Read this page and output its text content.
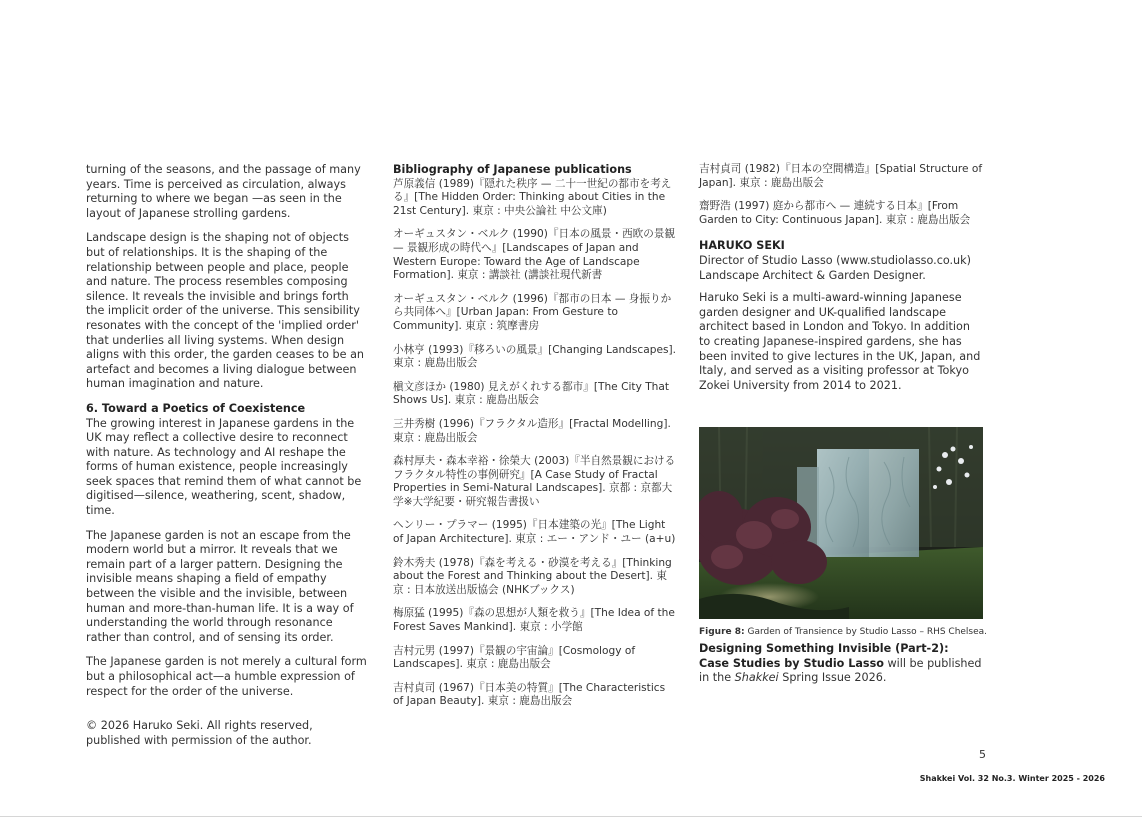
turning of the seasons, and the passage of many years. Time is perceived as circulation, always returning to where we began —as seen in the layout of Japanese strolling gardens.

Landscape design is the shaping not of objects but of relationships. It is the shaping of the relationship between people and place, people and nature. The process resembles composing silence. It reveals the invisible and brings forth the implicit order of the universe. This sensibility resonates with the concept of the 'implied order' that underlies all living systems. When design aligns with this order, the garden ceases to be an artefact and becomes a living dialogue between human imagination and nature.

6. Toward a Poetics of Coexistence

The growing interest in Japanese gardens in the UK may reflect a collective desire to reconnect with nature. As technology and AI reshape the forms of human existence, people increasingly seek spaces that remind them of what cannot be digitised—silence, weathering, scent, shadow, time.

The Japanese garden is not an escape from the modern world but a mirror. It reveals that we remain part of a larger pattern. Designing the invisible means shaping a field of empathy between the visible and the invisible, between human and more-than-human life. It is a way of understanding the world through resonance rather than control, and of sensing its order.

The Japanese garden is not merely a cultural form but a philosophical act—a humble expression of respect for the order of the universe.

© 2026 Haruko Seki. All rights reserved, published with permission of the author.

Bibliography of Japanese publications
芦原義信 (1989)『隠れた秩序 — 二十一世紀の都市を考える』[The Hidden Order: Thinking about Cities in the 21st Century]. 東京 : 中央公論社 中公文庫)
オーギュスタン・ベルク (1990)『日本の風景・西欧の景観 — 景観形成の時代へ』[Landscapes of Japan and Western Europe: Toward the Age of Landscape Formation]. 東京 : 講談社 (講談社現代新書
オーギュスタン・ベルク (1996)『都市の日本 — 身振りから共同体へ』[Urban Japan: From Gesture to Community]. 東京 : 筑摩書房
小林亨 (1993)『移ろいの風景』[Changing Landscapes]. 東京 : 鹿島出版会
槇文彦ほか (1980) 見えがくれする都市』[The City That Shows Us]. 東京 : 鹿島出版会
三井秀樹 (1996)『フラクタル造形』[Fractal Modelling]. 東京 : 鹿島出版会
森村厚夫・森本幸裕・徐榮大 (2003)『半自然景観におけるフラクタル特性の事例研究』[A Case Study of Fractal Properties in Semi-Natural Landscapes]. 京都 : 京都大学※大学紀要・研究報告書扱い
ヘンリー・プラマー (1995)『日本建築の光』[The Light of Japan Architecture]. 東京 : エー・アンド・ユー (a+u)
鈴木秀夫 (1978)『森を考える・砂漠を考える』[Thinking about the Forest and Thinking about the Desert]. 東京 : 日本放送出版協会 (NHKブックス)
梅原猛 (1995)『森の思想が人類を救う』[The Idea of the Forest Saves Mankind]. 東京 : 小学館
吉村元男 (1997)『景観の宇宙論』[Cosmology of Landscapes]. 東京 : 鹿島出版会
吉村貞司 (1967)『日本美の特質』[The Characteristics of Japan Beauty]. 東京 : 鹿島出版会
吉村貞司 (1982)『日本の空間構造』[Spatial Structure of Japan]. 東京 : 鹿島出版会
齋野浩 (1997) 庭から都市へ — 連続する日本』[From Garden to City: Continuous Japan]. 東京 : 鹿島出版会
HARUKO SEKI
Director of Studio Lasso (www.studiolasso.co.uk)
Landscape Architect & Garden Designer.

Haruko Seki is a multi-award-winning Japanese garden designer and UK-qualified landscape architect based in London and Tokyo. In addition to creating Japanese-inspired gardens, she has been invited to give lectures in the UK, Japan, and Italy, and served as a visiting professor at Tokyo Zokei University from 2014 to 2021.

Figure 8: Garden of Transience by Studio Lasso – RHS Chelsea.
Designing Something Invisible (Part-2):
Case Studies by Studio Lasso will be published
in the Shakkei Spring Issue 2026.
5
Shakkei Vol. 32 No.3. Winter 2025 - 2026
